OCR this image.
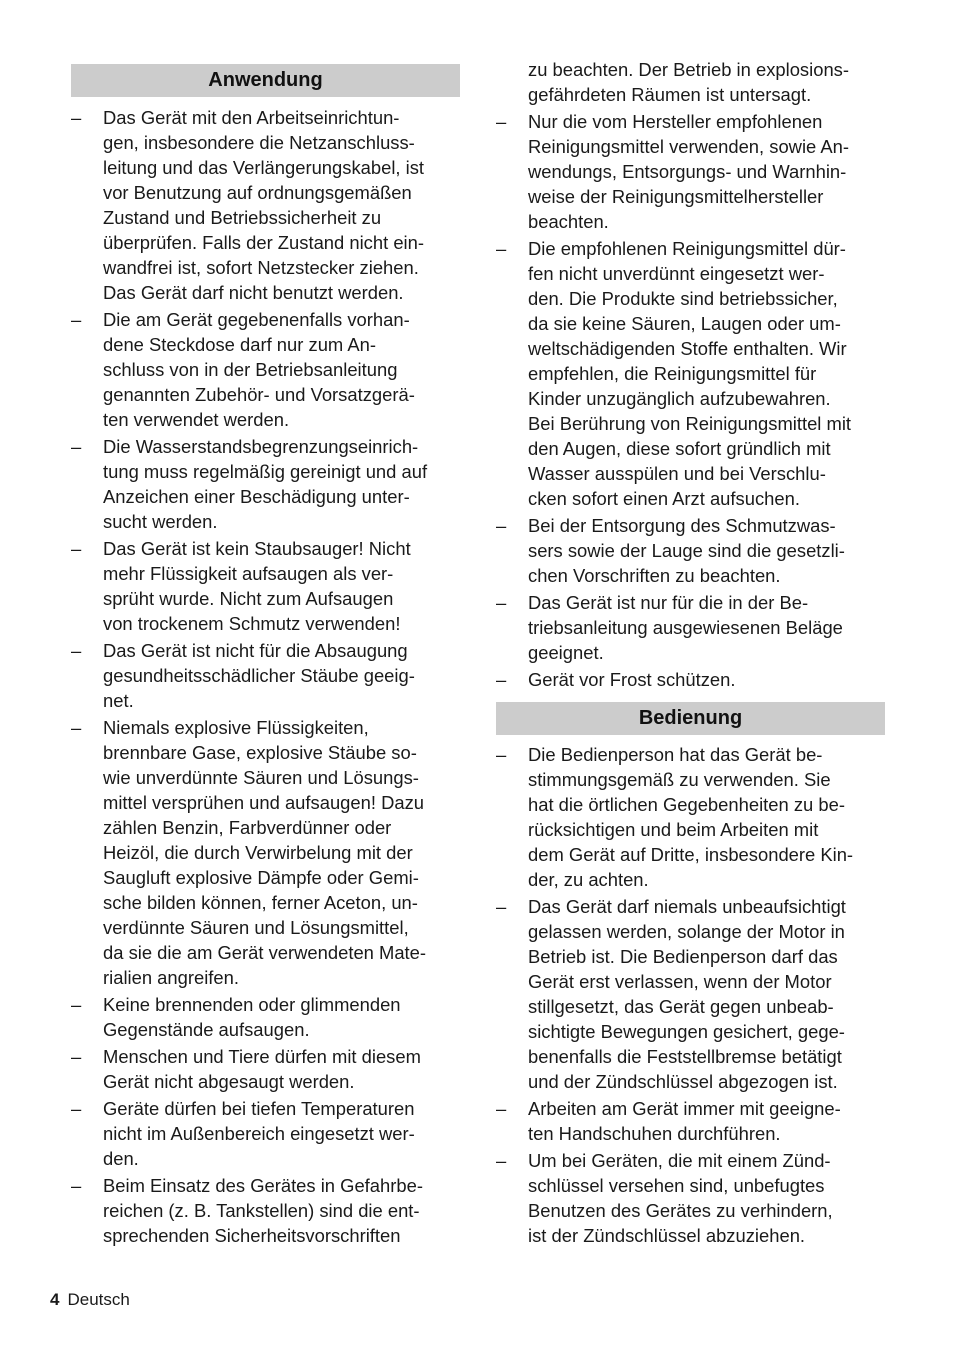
Anwendung
– Das Gerät mit den Arbeitseinrichtun-
gen, insbesondere die Netzanschluss-
leitung und das Verlängerungskabel, ist
vor Benutzung auf ordnungsgemäßen
Zustand und Betriebssicherheit zu
überprüfen. Falls der Zustand nicht ein-
wandfrei ist, sofort Netzstecker ziehen.
Das Gerät darf nicht benutzt werden.
– Die am Gerät gegebenenfalls vorhan-
dene Steckdose darf nur zum An-
schluss von in der Betriebsanleitung
genannten Zubehör- und Vorsatzgerä-
ten verwendet werden.
– Die Wasserstandsbegrenzungseinrich-
tung muss regelmäßig gereinigt und auf
Anzeichen einer Beschädigung unter-
sucht werden.
– Das Gerät ist kein Staubsauger! Nicht
mehr Flüssigkeit aufsaugen als ver-
sprüht wurde. Nicht zum Aufsaugen
von trockenem Schmutz verwenden!
– Das Gerät ist nicht für die Absaugung
gesundheitsschädlicher Stäube geeig-
net.
– Niemals explosive Flüssigkeiten,
brennbare Gase, explosive Stäube so-
wie unverdünnte Säuren und Lösungs-
mittel versprühen und aufsaugen! Dazu
zählen Benzin, Farbverdünner oder
Heizöl, die durch Verwirbelung mit der
Saugluft explosive Dämpfe oder Gemi-
sche bilden können, ferner Aceton, un-
verdünnte Säuren und Lösungsmittel,
da sie die am Gerät verwendeten Mate-
rialien angreifen.
– Keine brennenden oder glimmenden
Gegenstände aufsaugen.
– Menschen und Tiere dürfen mit diesem
Gerät nicht abgesaugt werden.
– Geräte dürfen bei tiefen Temperaturen
nicht im Außenbereich eingesetzt wer-
den.
– Beim Einsatz des Gerätes in Gefahrbe-
reichen (z. B. Tankstellen) sind die ent-
sprechenden Sicherheitsvorschriften
zu beachten. Der Betrieb in explosions-
gefährdeten Räumen ist untersagt.
– Nur die vom Hersteller empfohlenen
Reinigungsmittel verwenden, sowie An-
wendungs, Entsorgungs- und Warnhin-
weise der Reinigungsmittelhersteller
beachten.
– Die empfohlenen Reinigungsmittel dür-
fen nicht unverdünnt eingesetzt wer-
den. Die Produkte sind betriebssicher,
da sie keine Säuren, Laugen oder um-
weltschädigenden Stoffe enthalten. Wir
empfehlen, die Reinigungsmittel für
Kinder unzugänglich aufzubewahren.
Bei Berührung von Reinigungsmittel mit
den Augen, diese sofort gründlich mit
Wasser ausspülen und bei Verschlu-
cken sofort einen Arzt aufsuchen.
– Bei der Entsorgung des Schmutzwas-
sers sowie der Lauge sind die gesetzli-
chen Vorschriften zu beachten.
– Das Gerät ist nur für die in der Be-
triebsanleitung ausgewiesenen Beläge
geeignet.
– Gerät vor Frost schützen.
Bedienung
– Die Bedienperson hat das Gerät be-
stimmungsgemäß zu verwenden. Sie
hat die örtlichen Gegebenheiten zu be-
rücksichtigen und beim Arbeiten mit
dem Gerät auf Dritte, insbesondere Kin-
der, zu achten.
– Das Gerät darf niemals unbeaufsichtigt
gelassen werden, solange der Motor in
Betrieb ist. Die Bedienperson darf das
Gerät erst verlassen, wenn der Motor
stillgesetzt, das Gerät gegen unbeab-
sichtigte Bewegungen gesichert, gege-
benenfalls die Feststellbremse betätigt
und der Zündschlüssel abgezogen ist.
– Arbeiten am Gerät immer mit geeigne-
ten Handschuhen durchführen.
– Um bei Geräten, die mit einem Zünd-
schlüssel versehen sind, unbefugtes
Benutzen des Gerätes zu verhindern,
ist der Zündschlüssel abzuziehen.
4 Deutsch
